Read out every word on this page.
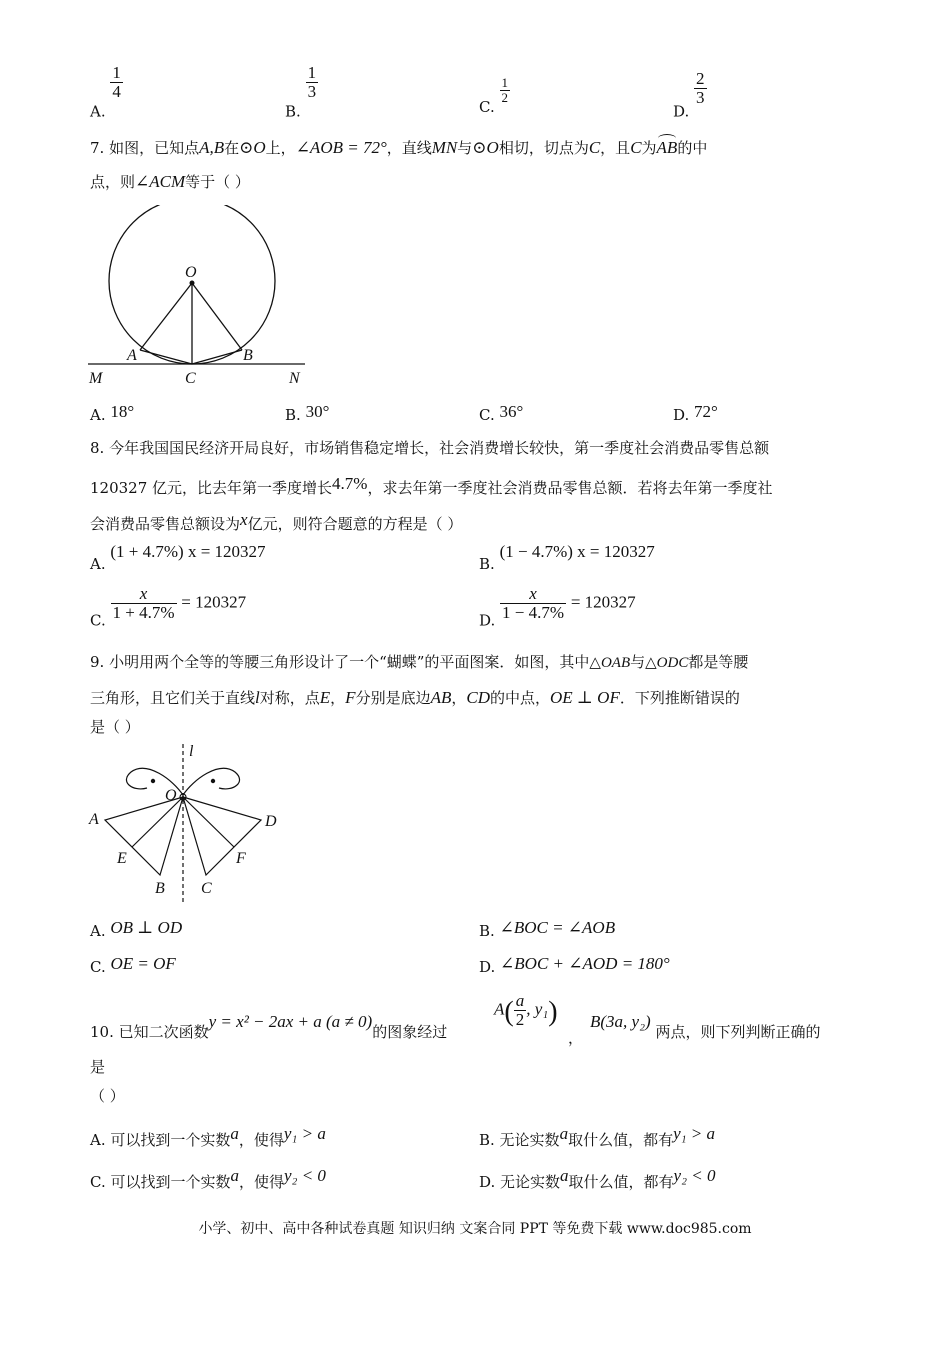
A.
$\frac{1}{4}$
B.
$\frac{1}{3}$
C.
$\frac{1}{2}$
D.
$\frac{2}{3}$
7. 如图，已知点A,B在⊙O上，∠AOB = 72°，直线MN与⊙O相切，切点为C，且C为AB的中
点，则∠ACM等于（ ）
O
A	B
C
M	N
A. 18°	B. 30°	C. 36°	D. 72°
8. 今年我国国民经济开局良好，市场销售稳定增长，社会消费增长较快，第一季度社会消费品零售总额
120327 亿元，比去年第一季度增长4.7%，求去年第一季度社会消费品零售总额．若将去年第一季度社
会消费品零售总额设为x亿元，则符合题意的方程是（ ）
A. (1 + 4.7%) x = 120327
B. (1 − 4.7%) x = 120327
C. $\frac{x}{1 + 4.7\%} = 120327$
D. $\frac{x}{1 - 4.7\%} = 120327$
9. 小明用两个全等的等腰三角形设计了一个“蝴蝶”的平面图案．如图，其中△OAB与△ODC都是等腰
三角形，且它们关于直线l对称，点E，F分别是底边AB，CD的中点，OE ⊥ OF．下列推断错误的
是（ ）
O
l
A	D
E	F
B C
A. OB ⊥ OD	B. ∠BOC = ∠AOB
C. OE = OF	D. ∠BOC + ∠AOD = 180°
10. 已知二次函数y = x² − 2ax + a (a ≠ 0)的图象经过
$A( \frac{a}{2}$ , y₁)
，
B(3a, y₂) 两点，则下列判断正确的
是
（ ）
A. 可以找到一个实数a，使得y₁ > a	B. 无论实数a取什么值，都有y₁ > a
C. 可以找到一个实数a，使得y₂ < 0	D. 无论实数a取什么值，都有y₂ < 0
小学、初中、高中各种试卷真题 知识归纳 文案合同 PPT 等免费下载 www.doc985.com
